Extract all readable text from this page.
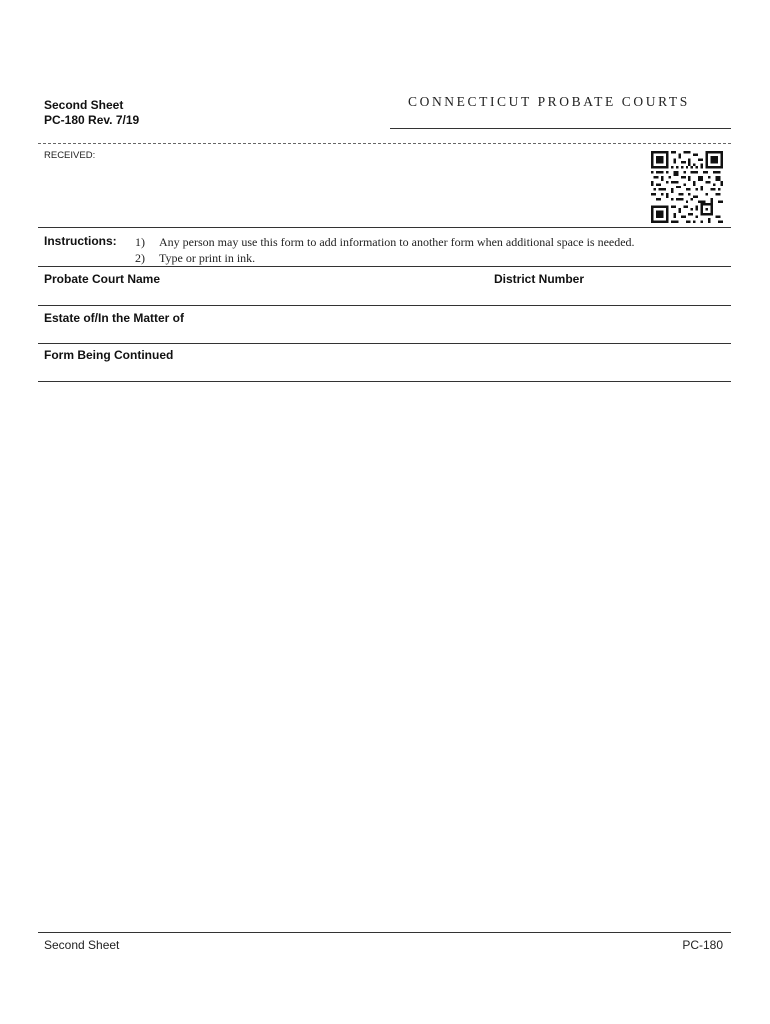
Second Sheet
PC-180 Rev. 7/19
CONNECTICUT PROBATE COURTS
RECEIVED:
Instructions: 1) Any person may use this form to add information to another form when additional space is needed.
2) Type or print in ink.
Probate Court Name	District Number
Estate of/In the Matter of
Form Being Continued
Second Sheet	PC-180
